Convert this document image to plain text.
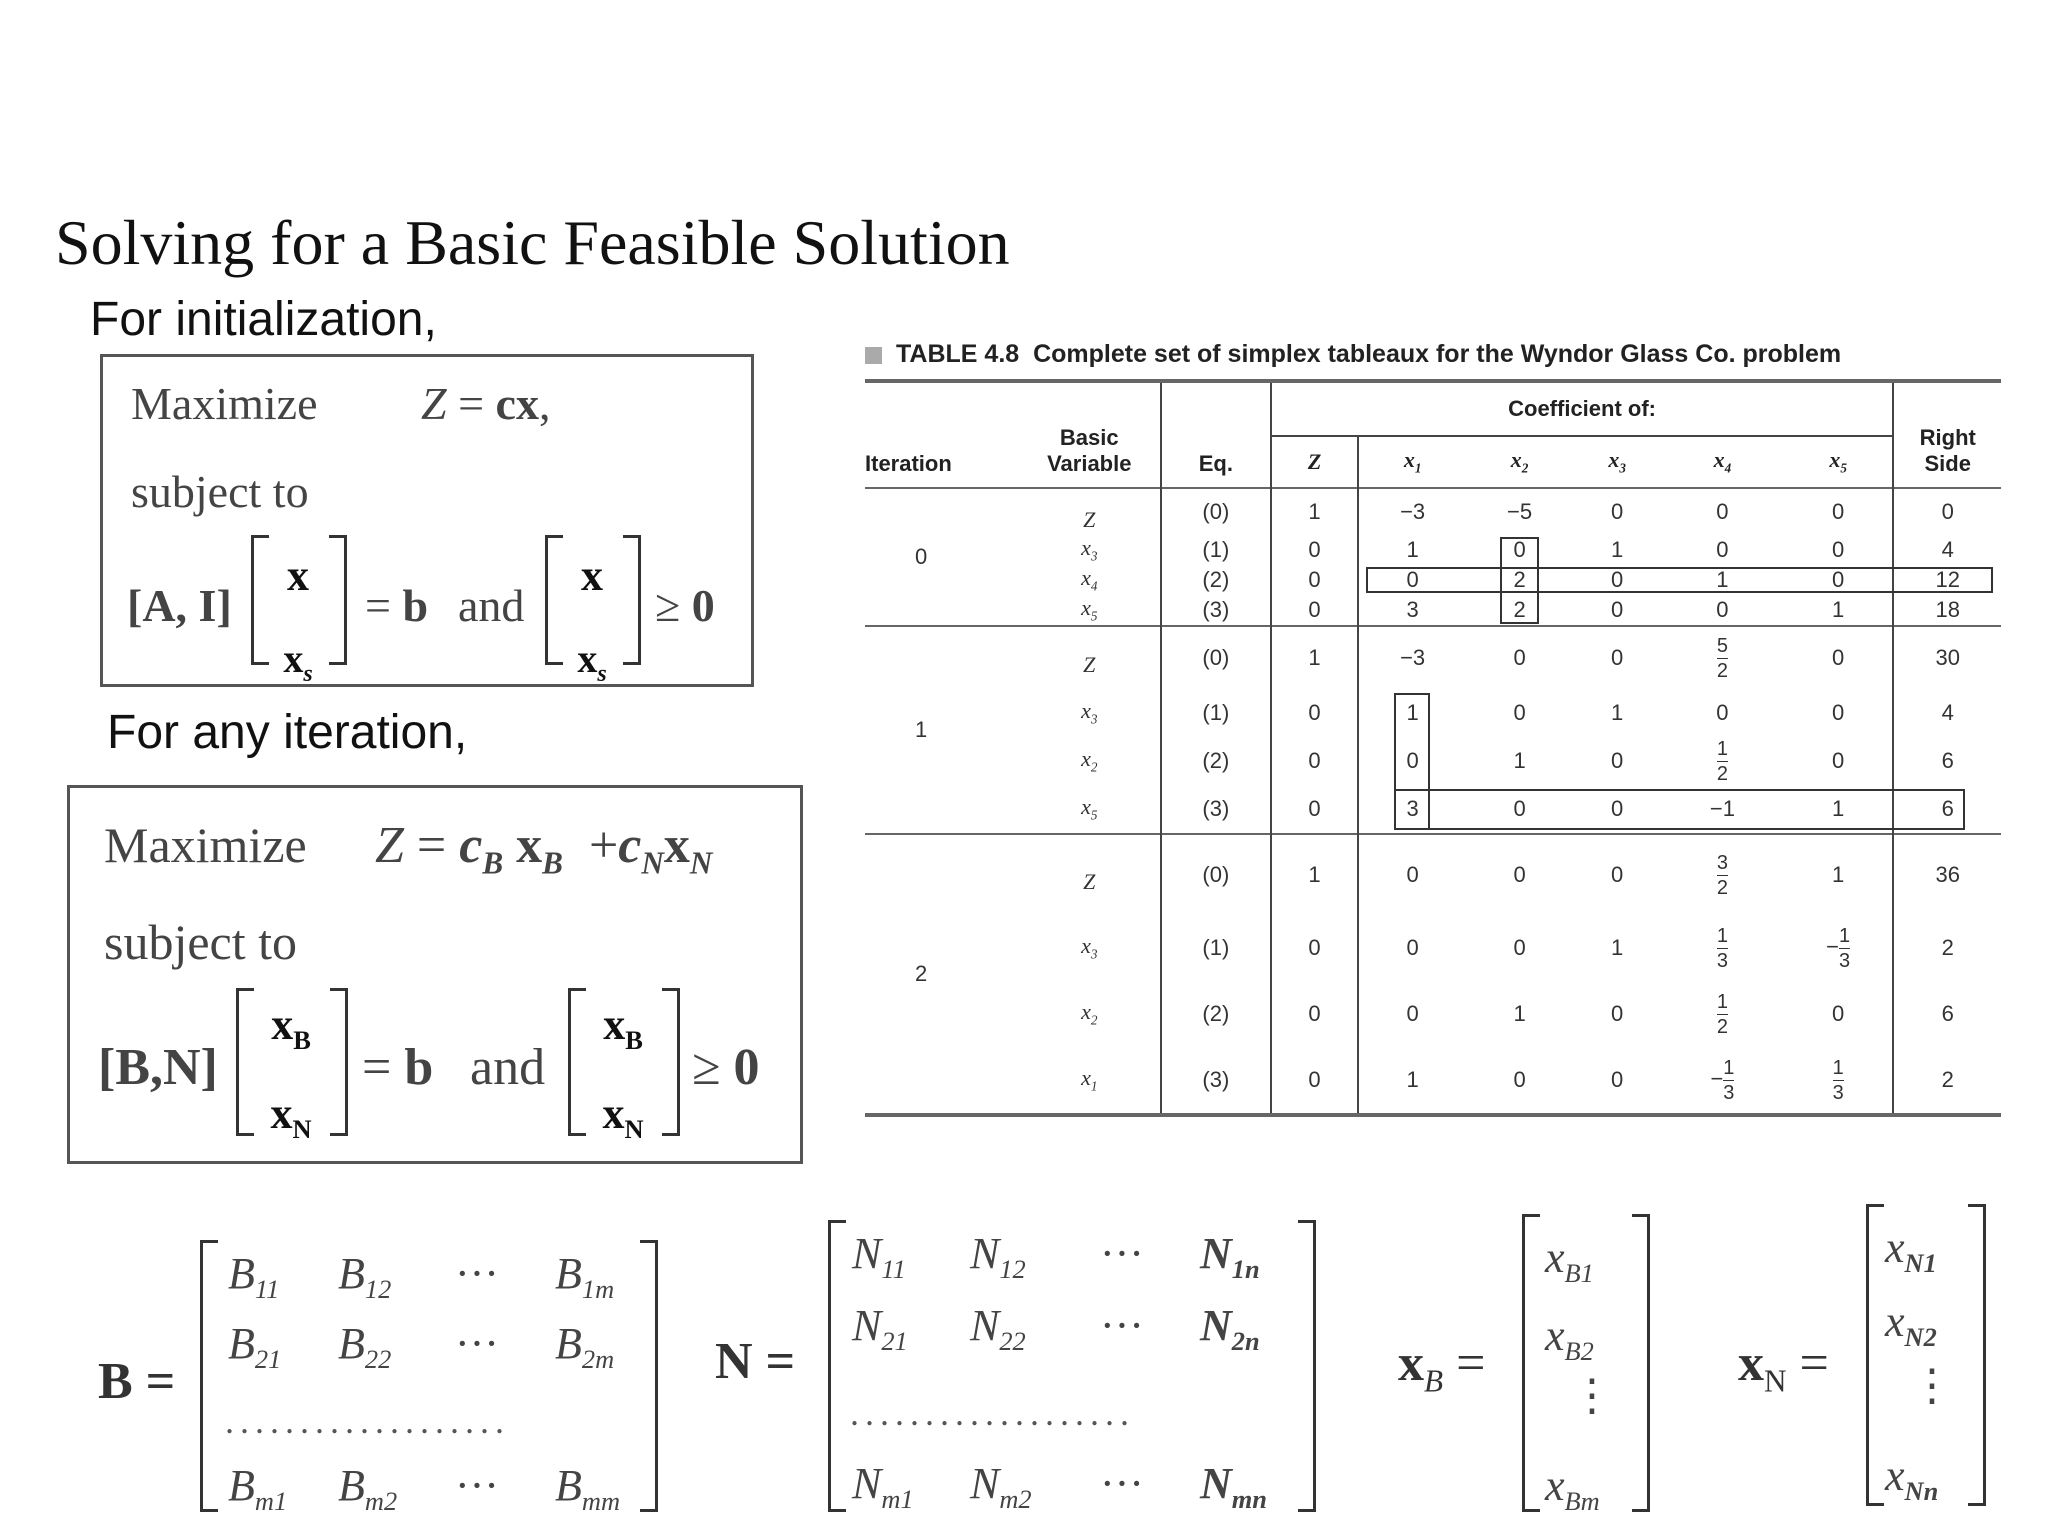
Solving for a Basic Feasible Solution
For initialization,
Maximize Z = cx,
subject to
[A, I]
x
$x_s$
= b and
x
$x_s$
≥ 0
For any iteration,
Maximize $Z = c_B$ $x_B +c_Nx_N$
subject to
[B,N]
$x_B$
$x_N$
= b and
$x_B$
$x_N$
≥ 0
TABLE 4.8 Complete set of simplex tableaux for the Wyndor Glass Co. problem
Iteration	Basic Variable	Eq.	Coefficient of:						Right Side
			Z	$x_1$	$x_2$	$x_3$	$x_4$	$x_5$
0	Z	(0)	1	−3	−5	0	0	0	0
	$x_3$	(1)	0	1	0	1	0	0	4
	$x_4$	(2)	0	0	2	0	1	0	12
	$x_5$	(3)	0	3	2	0	0	1	18
1	Z	(0)	1	−3	0	0	$\frac{5}{2}$	0	30
	$x_3$	(1)	0	1	0	1	0	0	4
	$x_2$	(2)	0	0	1	0	$\frac{1}{2}$	0	6
	$x_5$	(3)	0	3	0	0	−1	1	6
2	Z	(0)	1	0	0	0	$\frac{3}{2}$	1	36
	$x_3$	(1)	0	0	0	1	$\frac{1}{3}$	− $\frac{1}{3}$	2
	$x_2$	(2)	0	0	1	0	$\frac{1}{2}$	0	6
	$x_1$	(3)	0	1	0	0	− $\frac{1}{3}$	$\frac{1}{3}$	2

B =
$B_{11}$ $B_{12}$ ··· $B_{1m}$
$B_{21}$ $B_{22}$ ··· $B_{2m}$
$B_{m1}$ $B_{m2}$ ··· $B_{mm}$
...................
N =
$N_{11}$ $N_{12}$ ··· $N_{1n}$
$N_{21}$ $N_{22}$ ··· $N_{2n}$
$N_{m1}$ $N_{m2}$ ··· $N_{mn}$
...................
$x_B$ =
$x_{B1}$
$x_{B2}$
⋮
$x_{Bm}$
$x_N$ =
$x_{N1}$
$x_{N2}$
⋮
$x_{Nn}$
